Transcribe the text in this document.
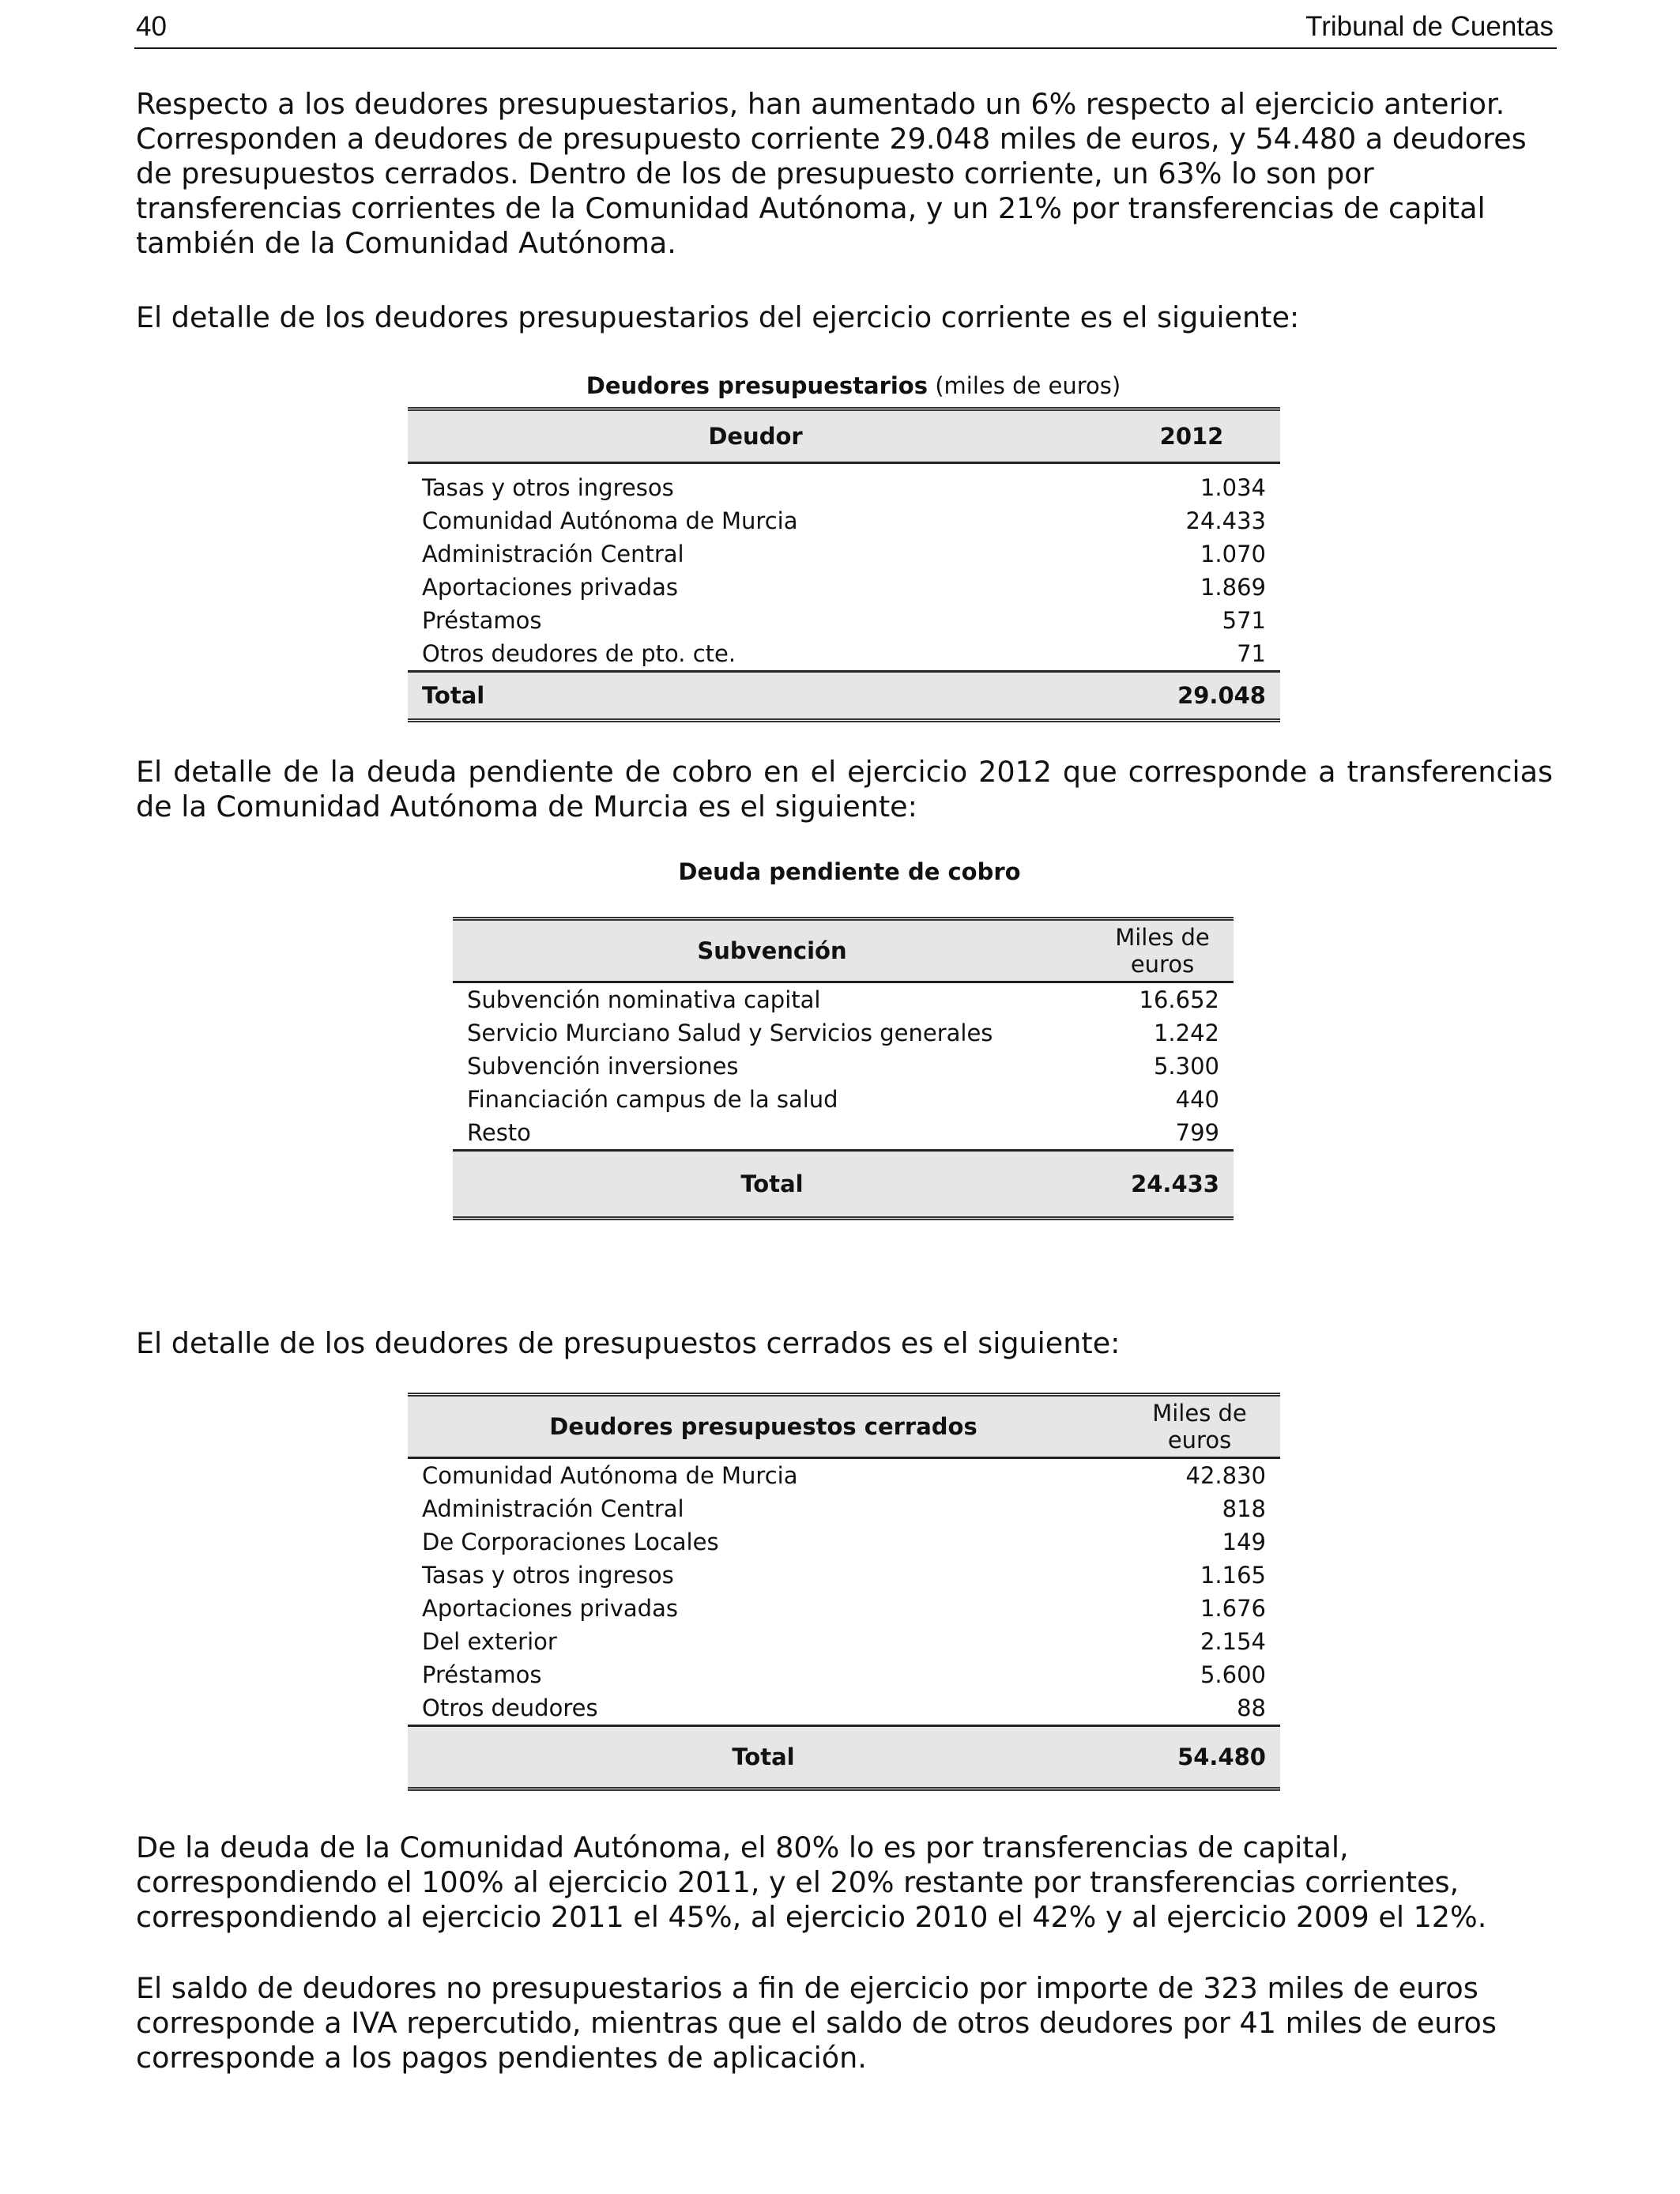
40	Tribunal de Cuentas

Respecto a los deudores presupuestarios, han aumentado un 6% respecto al ejercicio anterior. Corresponden a deudores de presupuesto corriente 29.048 miles de euros, y 54.480 a deudores de presupuestos cerrados. Dentro de los de presupuesto corriente, un 63% lo son por transferencias corrientes de la Comunidad Autónoma, y un 21% por transferencias de capital también de la Comunidad Autónoma.

El detalle de los deudores presupuestarios del ejercicio corriente es el siguiente:

Deudores presupuestarios (miles de euros)
Deudor	2012

Tasas y otros ingresos	1.034
Comunidad Autónoma de Murcia	24.433
Administración Central	1.070
Aportaciones privadas	1.869
Préstamos	571
Otros deudores de pto. cte.	71
Total	29.048

El detalle de la deuda pendiente de cobro en el ejercicio 2012 que corresponde a transferencias de la Comunidad Autónoma de Murcia es el siguiente:

Deuda pendiente de cobro
Subvención	Miles de
euros
Subvención nominativa capital	16.652
Servicio Murciano Salud y Servicios generales	1.242
Subvención inversiones	5.300
Financiación campus de la salud	440
Resto	799
Total	24.433

El detalle de los deudores de presupuestos cerrados es el siguiente:

Deudores presupuestos cerrados	Miles de
euros
Comunidad Autónoma de Murcia	42.830
Administración Central	818
De Corporaciones Locales	149
Tasas y otros ingresos	1.165
Aportaciones privadas	1.676
Del exterior	2.154
Préstamos	5.600
Otros deudores	88
Total	54.480

De la deuda de la Comunidad Autónoma, el 80% lo es por transferencias de capital, correspondiendo el 100% al ejercicio 2011, y el 20% restante por transferencias corrientes, correspondiendo al ejercicio 2011 el 45%, al ejercicio 2010 el 42% y al ejercicio 2009 el 12%.

El saldo de deudores no presupuestarios a fin de ejercicio por importe de 323 miles de euros corresponde a IVA repercutido, mientras que el saldo de otros deudores por 41 miles de euros corresponde a los pagos pendientes de aplicación.
